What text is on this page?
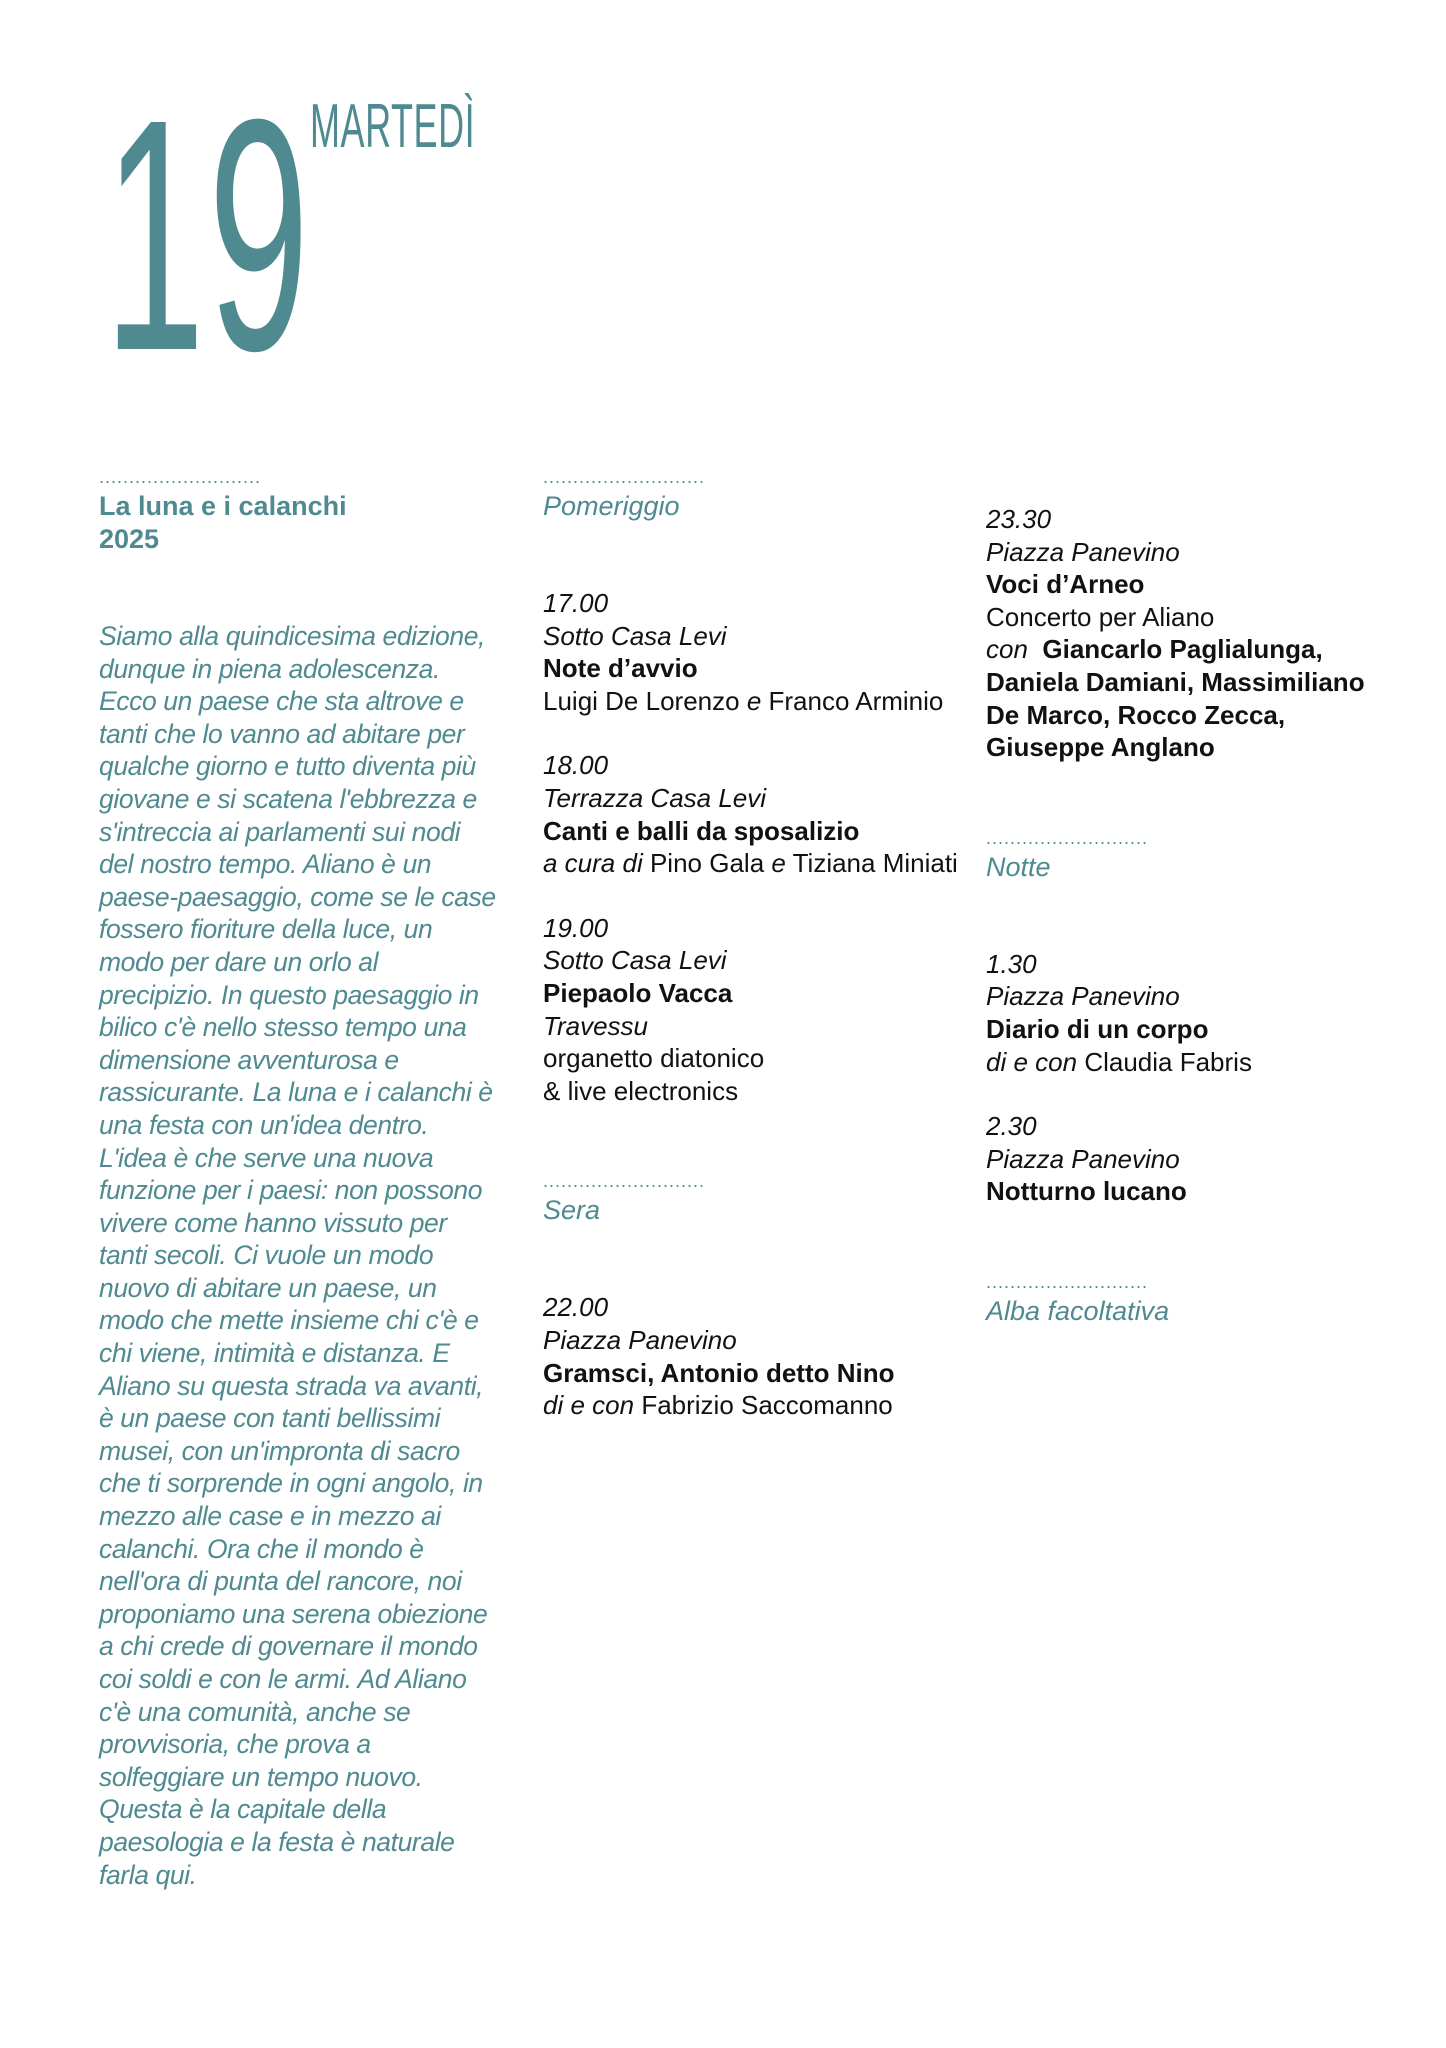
19
MARTEDÌ
...........................
La luna e i calanchi
2025
Siamo alla quindicesima edizione, dunque in piena adolescenza. Ecco un paese che sta altrove e tanti che lo vanno ad abitare per qualche giorno e tutto diventa più giovane e si scatena l'ebbrezza e s'intreccia ai parlamenti sui nodi del nostro tempo. Aliano è un paese-paesaggio, come se le case fossero fioriture della luce, un modo per dare un orlo al precipizio. In questo paesaggio in bilico c'è nello stesso tempo una dimensione avventurosa e rassicurante. La luna e i calanchi è una festa con un'idea dentro. L'idea è che serve una nuova funzione per i paesi: non possono vivere come hanno vissuto per tanti secoli. Ci vuole un modo nuovo di abitare un paese, un modo che mette insieme chi c'è e chi viene, intimità e distanza. E Aliano su questa strada va avanti, è un paese con tanti bellissimi musei, con un'impronta di sacro che ti sorprende in ogni angolo, in mezzo alle case e in mezzo ai calanchi. Ora che il mondo è nell'ora di punta del rancore, noi proponiamo una serena obiezione a chi crede di governare il mondo coi soldi e con le armi. Ad Aliano c'è una comunità, anche se provvisoria, che prova a solfeggiare un tempo nuovo. Questa è la capitale della paesologia e la festa è naturale farla qui.
...........................
Pomeriggio
17.00
Sotto Casa Levi
Note d’avvio
Luigi De Lorenzo e Franco Arminio
18.00
Terrazza Casa Levi
Canti e balli da sposalizio
a cura di Pino Gala e Tiziana Miniati
19.00
Sotto Casa Levi
Piepaolo Vacca
Travessu
organetto diatonico
& live electronics
...........................
Sera
22.00
Piazza Panevino
Gramsci, Antonio detto Nino
di e con Fabrizio Saccomanno
23.30
Piazza Panevino
Voci d’Arneo
Concerto per Aliano
con Giancarlo Paglialunga,
Daniela Damiani, Massimiliano
De Marco, Rocco Zecca,
Giuseppe Anglano
...........................
Notte
1.30
Piazza Panevino
Diario di un corpo
di e con Claudia Fabris
2.30
Piazza Panevino
Notturno lucano
...........................
Alba facoltativa
